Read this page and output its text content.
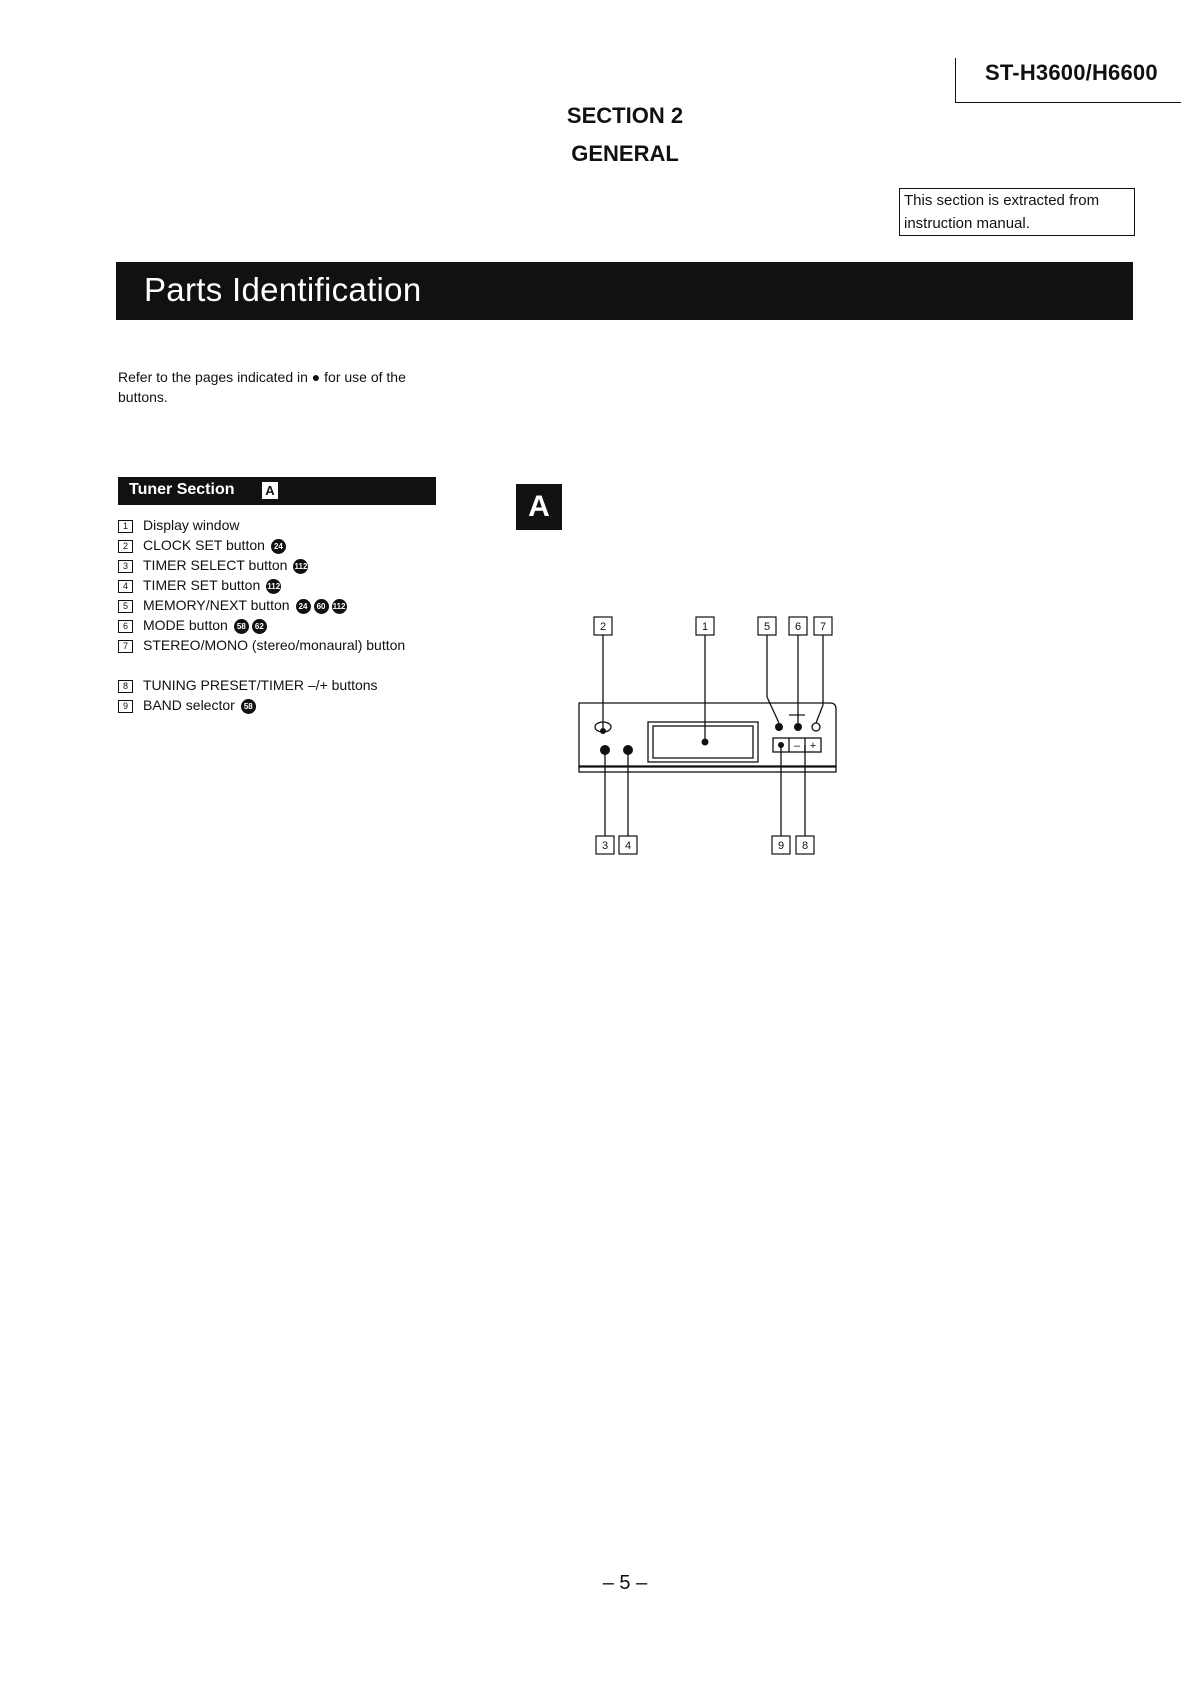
ST-H3600/H6600
SECTION 2
GENERAL
This section is extracted from instruction manual.
Parts Identification
Refer to the pages indicated in ● for use of the buttons.
Tuner Section A
1	Display window
2	CLOCK SET button 24
3	TIMER SELECT button 112
4	TIMER SET button 112
5	MEMORY/NEXT button 24 60 112
6	MODE button 58 62
7	STEREO/MONO (stereo/monaural) button
8	TUNING PRESET/TIMER –/+ buttons
9	BAND selector 58
A
– +
2	1	5 6 7
3 4	9 8
– 5 –
